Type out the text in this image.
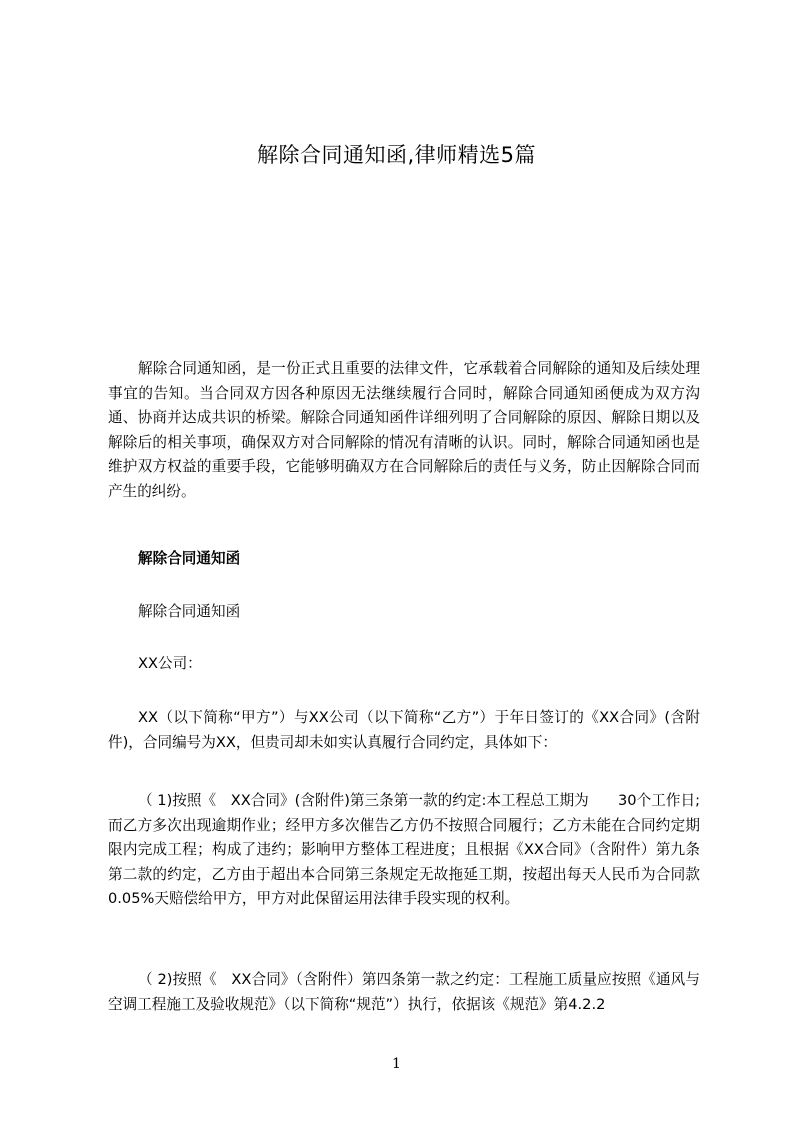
解除合同通知函,律师精选5篇

解除合同通知函，是一份正式且重要的法律文件，它承载着合同解除的通知及后续处理事宜的告知。当合同双方因各种原因无法继续履行合同时，解除合同通知函便成为双方沟通、协商并达成共识的桥梁。解除合同通知函件详细列明了合同解除的原因、解除日期以及解除后的相关事项，确保双方对合同解除的情况有清晰的认识。同时，解除合同通知函也是维护双方权益的重要手段，它能够明确双方在合同解除后的责任与义务，防止因解除合同而产生的纠纷。

解除合同通知函
解除合同通知函
XX公司：

XX（以下简称“甲方”）与XX公司（以下简称“乙方”）于年日签订的《XX合同》(含附件)，合同编号为XX，但贵司却未如实认真履行合同约定，具体如下：

（ 1)按照《　XX合同》(含附件)第三条第一款的约定:本工程总工期为　　30个工作日;而乙方多次出现逾期作业；经甲方多次催告乙方仍不按照合同履行；乙方未能在合同约定期限内完成工程；构成了违约；影响甲方整体工程进度；且根据《XX合同》（含附件）第九条第二款的约定，乙方由于超出本合同第三条规定无故拖延工期，按超出每天人民币为合同款0.05%天赔偿给甲方，甲方对此保留运用法律手段实现的权利。

（ 2)按照《　XX合同》（含附件）第四条第一款之约定：工程施工质量应按照《通风与空调工程施工及验收规范》（以下简称“规范”）执行，依据该《规范》第4.2.2

1
